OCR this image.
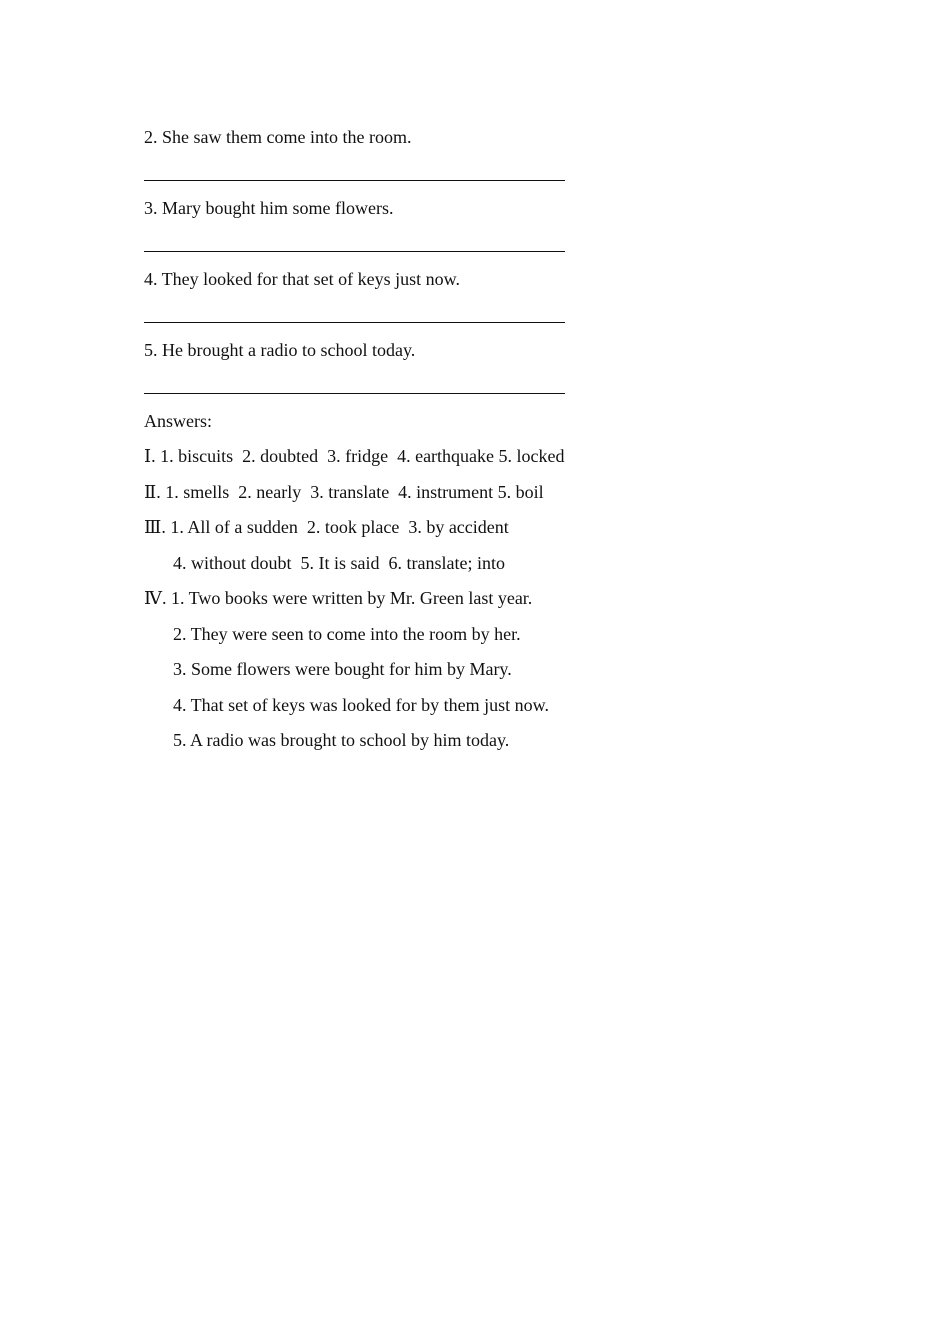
2. She saw them come into the room.
3. Mary bought him some flowers.
4. They looked for that set of keys just now.
5. He brought a radio to school today.
Answers:
Ⅰ. 1. biscuits  2. doubted  3. fridge  4. earthquake 5. locked
Ⅱ. 1. smells  2. nearly  3. translate  4. instrument 5. boil
Ⅲ. 1. All of a sudden  2. took place  3. by accident
4. without doubt  5. It is said  6. translate; into
Ⅳ. 1. Two books were written by Mr. Green last year.
2. They were seen to come into the room by her.
3. Some flowers were bought for him by Mary.
4. That set of keys was looked for by them just now.
5. A radio was brought to school by him today.
